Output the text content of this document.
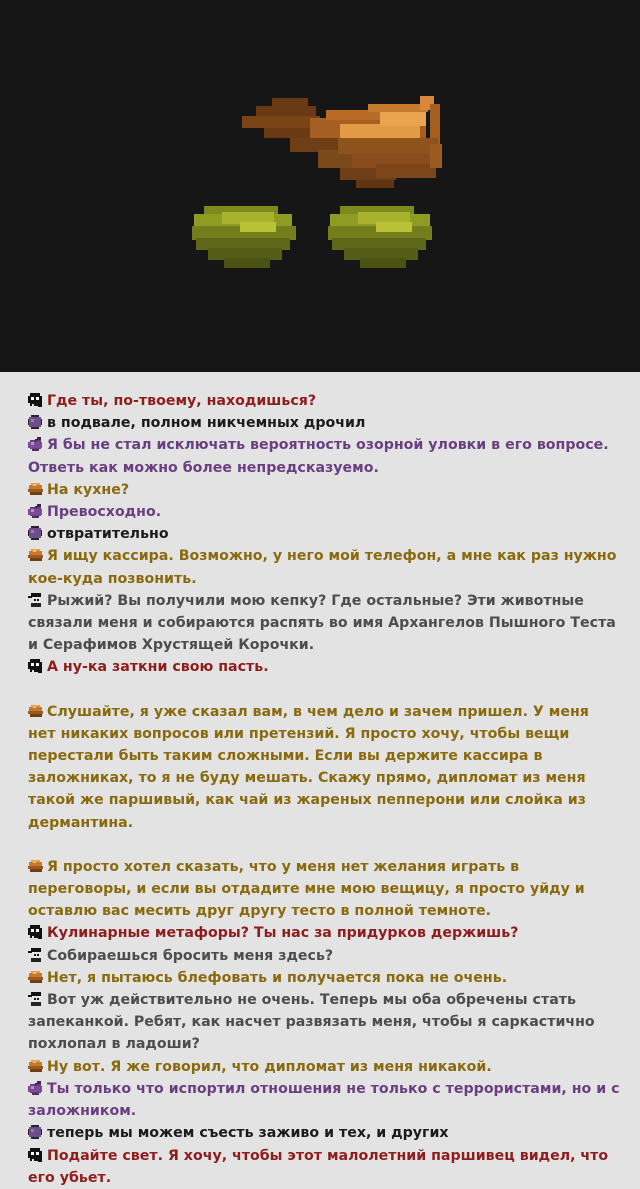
Где ты, по-твоему, находишься?
в подвале, полном никчемных дрочил
Я бы не стал исключать вероятность озорной уловки в его вопросе. Ответь как можно более непредсказуемо.
На кухне?
Превосходно.
отвратительно
Я ищу кассира. Возможно, у него мой телефон, а мне как раз нужно кое-куда позвонить.
Рыжий? Вы получили мою кепку? Где остальные? Эти животные связали меня и собираются распять во имя Архангелов Пышного Теста и Серафимов Хрустящей Корочки.
А ну-ка заткни свою пасть.
Слушайте, я уже сказал вам, в чем дело и зачем пришел. У меня нет никаких вопросов или претензий. Я просто хочу, чтобы вещи перестали быть таким сложными. Если вы держите кассира в заложниках, то я не буду мешать. Скажу прямо, дипломат из меня такой же паршивый, как чай из жареных пепперони или слойка из дермантина.
Я просто хотел сказать, что у меня нет желания играть в переговоры, и если вы отдадите мне мою вещицу, я просто уйду и оставлю вас месить друг другу тесто в полной темноте.
Кулинарные метафоры? Ты нас за придурков держишь?
Собираешься бросить меня здесь?
Нет, я пытаюсь блефовать и получается пока не очень.
Вот уж действительно не очень. Теперь мы оба обречены стать запеканкой. Ребят, как насчет развязать меня, чтобы я саркастично похлопал в ладоши?
Ну вот. Я же говорил, что дипломат из меня никакой.
Ты только что испортил отношения не только с террористами, но и с заложником.
теперь мы можем съесть заживо и тех, и других
Подайте свет. Я хочу, чтобы этот малолетний паршивец видел, что его убьет.
